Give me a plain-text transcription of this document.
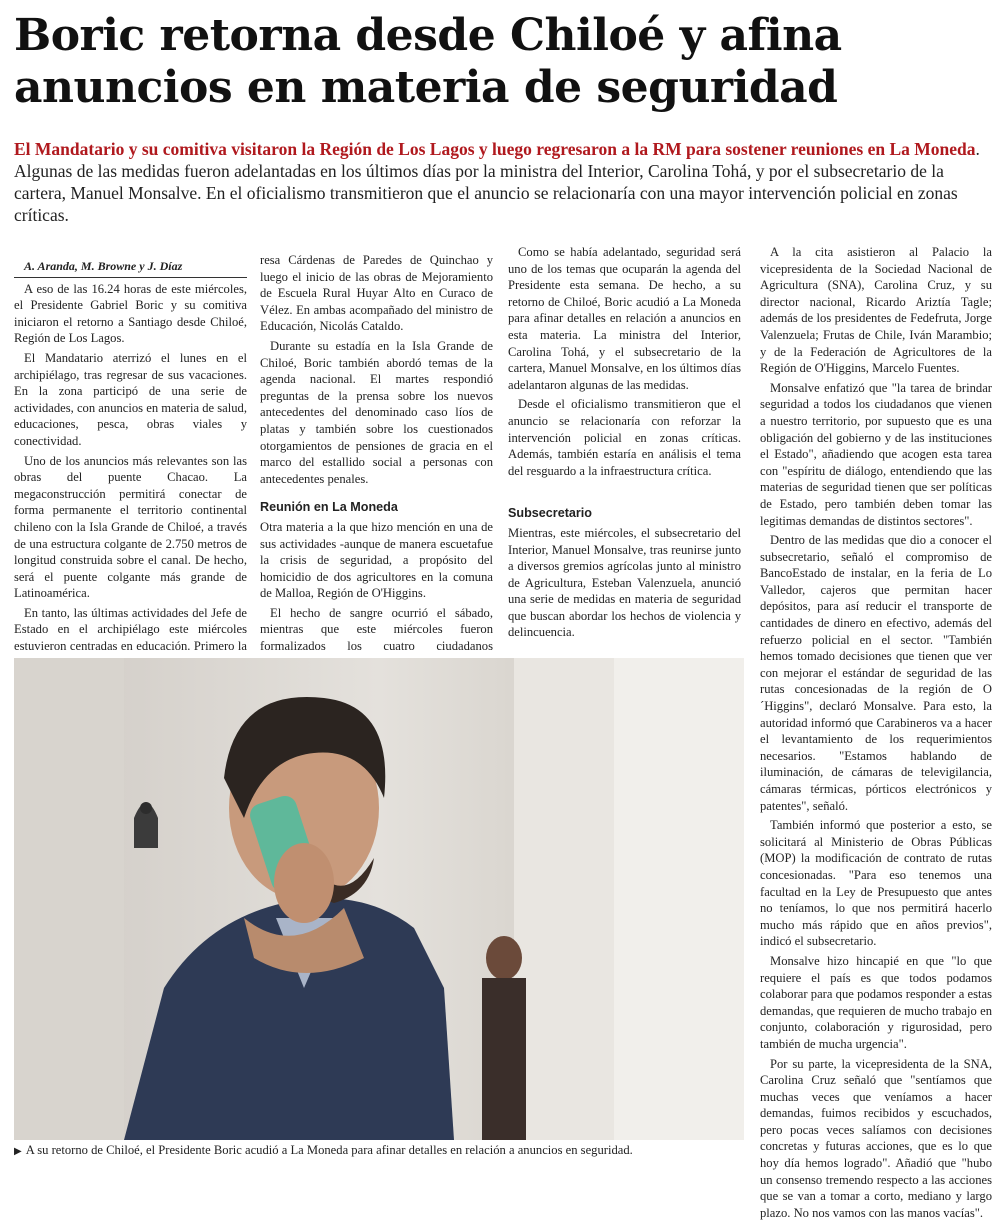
Boric retorna desde Chiloé y afina anuncios en materia de seguridad
El Mandatario y su comitiva visitaron la Región de Los Lagos y luego regresaron a la RM para sostener reuniones en La Moneda. Algunas de las medidas fueron adelantadas en los últimos días por la ministra del Interior, Carolina Tohá, y por el subsecretario de la cartera, Manuel Monsalve. En el oficialismo transmitieron que el anuncio se relacionaría con una mayor intervención policial en zonas críticas.

A. Aranda, M. Browne y J. Díaz

A eso de las 16.24 horas de este miércoles, el Presidente Gabriel Boric y su comitiva iniciaron el retorno a Santiago desde Chiloé, Región de Los Lagos.

El Mandatario aterrizó el lunes en el archipiélago, tras regresar de sus vacaciones. En la zona participó de una serie de actividades, con anuncios en materia de salud, educaciones, pesca, obras viales y conectividad.

Uno de los anuncios más relevantes son las obras del puente Chacao. La megaconstrucción permitirá conectar de forma permanente el territorio continental chileno con la Isla Grande de Chiloé, a través de una estructura colgante de 2.750 metros de longitud construida sobre el canal. De hecho, será el puente colgante más grande de Latinoamérica.

En tanto, las últimas actividades del Jefe de Estado en el archipiélago este miércoles estuvieron centradas en educación. Primero la

resa Cárdenas de Paredes de Quinchao y luego el inicio de las obras de Mejoramiento de Escuela Rural Huyar Alto en Curaco de Vélez. En ambas acompañado del ministro de Educación, Nicolás Cataldo.

Durante su estadía en la Isla Grande de Chiloé, Boric también abordó temas de la agenda nacional. El martes respondió preguntas de la prensa sobre los nuevos antecedentes del denominado caso líos de platas y también sobre los cuestionados otorgamientos de pensiones de gracia en el marco del estallido social a personas con antecedentes penales.

Reunión en La Moneda

Otra materia a la que hizo mención en una de sus actividades -aunque de manera escuetafue la crisis de seguridad, a propósito del homicidio de dos agricultores en la comuna de Malloa, Región de O'Higgins.

El hecho de sangre ocurrió el sábado, mientras que este miércoles fueron formalizados los cuatro ciudadanos

Como se había adelantado, seguridad será uno de los temas que ocuparán la agenda del Presidente esta semana. De hecho, a su retorno de Chiloé, Boric acudió a La Moneda para afinar detalles en relación a anuncios en esta materia. La ministra del Interior, Carolina Tohá, y el subsecretario de la cartera, Manuel Monsalve, en los últimos días adelantaron algunas de las medidas.

Desde el oficialismo transmitieron que el anuncio se relacionaría con reforzar la intervención policial en zonas críticas. Además, también estaría en análisis el tema del resguardo a la infraestructura crítica.

Subsecretario

Mientras, este miércoles, el subsecretario del Interior, Manuel Monsalve, tras reunirse junto a diversos gremios agrícolas junto al ministro de Agricultura, Esteban Valenzuela, anunció una serie de medidas en materia de seguridad que buscan abordar los hechos de violencia y delincuencia.

A la cita asistieron al Palacio la vicepresidenta de la Sociedad Nacional de Agricultura (SNA), Carolina Cruz, y su director nacional, Ricardo Ariztía Tagle; además de los presidentes de Fedefruta, Jorge Valenzuela; Frutas de Chile, Iván Marambio; y de la Federación de Agricultores de la Región de O'Higgins, Marcelo Fuentes.

Monsalve enfatizó que "la tarea de brindar seguridad a todos los ciudadanos que vienen a nuestro territorio, por supuesto que es una obligación del gobierno y de las instituciones el Estado", añadiendo que acogen esta tarea con "espíritu de diálogo, entendiendo que las materias de seguridad tienen que ser políticas de Estado, pero también deben tomar las legitimas demandas de distintos sectores".

Dentro de las medidas que dio a conocer el subsecretario, señaló el compromiso de BancoEstado de instalar, en la feria de Lo Valledor, cajeros que permitan hacer depósitos, para así reducir el transporte de cantidades de dinero en efectivo, además del refuerzo policial en el sector. "También hemos tomado decisiones que tienen que ver con mejorar el estándar de seguridad de las rutas concesionadas de la región de O´Higgins", declaró Monsalve. Para esto, la autoridad informó que Carabineros va a hacer el levantamiento de los requerimientos necesarios. "Estamos hablando de iluminación, de cámaras de televigilancia, cámaras térmicas, pórticos electrónicos y patentes", señaló.

También informó que posterior a esto, se solicitará al Ministerio de Obras Públicas (MOP) la modificación de contrato de rutas concesionadas. "Para eso tenemos una facultad en la Ley de Presupuesto que antes no teníamos, lo que nos permitirá hacerlo mucho más rápido que en años previos", indicó el subsecretario.

Monsalve hizo hincapié en que "lo que requiere el país es que todos podamos colaborar para que podamos responder a estas demandas, que requieren de mucho trabajo en conjunto, colaboración y rigurosidad, pero también de mucha urgencia".

Por su parte, la vicepresidenta de la SNA, Carolina Cruz señaló que "sentíamos que muchas veces que veníamos a hacer demandas, fuimos recibidos y escuchados, pero pocas veces salíamos con decisiones concretas y futuras acciones, que es lo que hoy día hemos logrado". Añadió que "hubo un consenso tremendo respecto a las acciones que se van a tomar a corto, mediano y largo plazo. No nos vamos con las manos vacías".

▶ A su retorno de Chiloé, el Presidente Boric acudió a La Moneda para afinar detalles en relación a anuncios en seguridad.
